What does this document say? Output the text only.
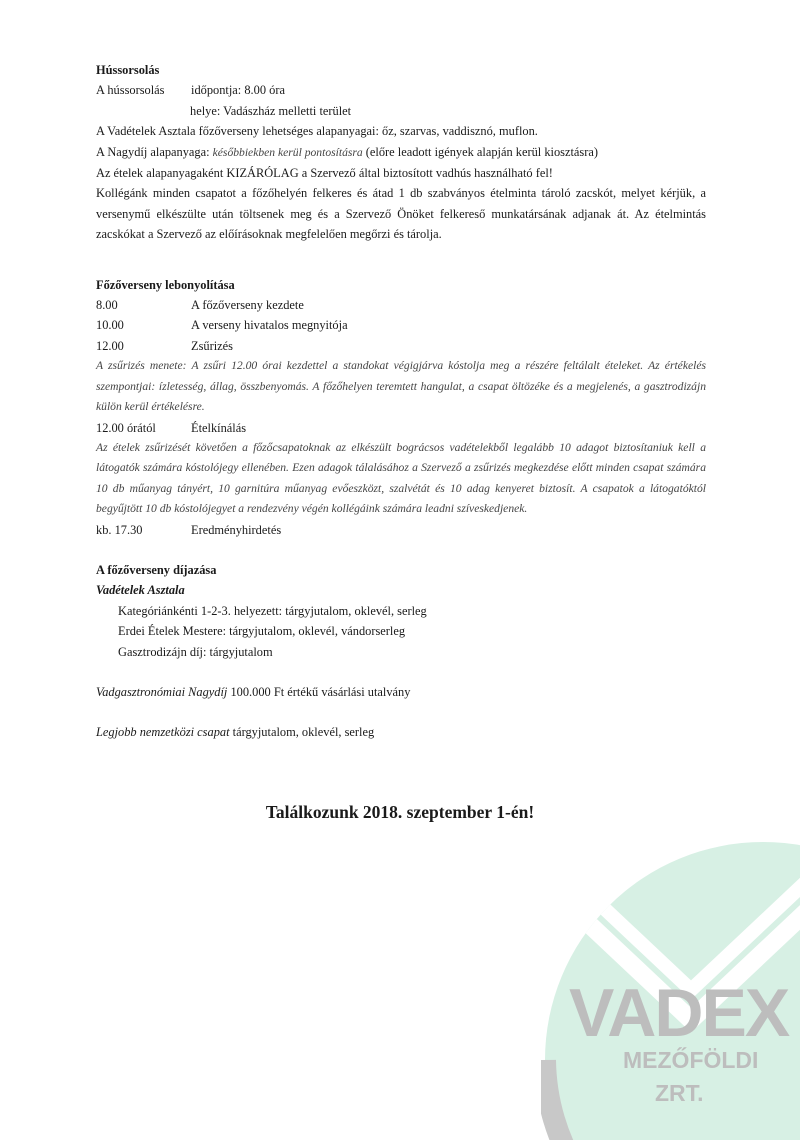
VADEX
MEZŐFÖLDI
ZRT.
Hússorsolás
A hússorsolás időpontja: 8.00 óra
helye: Vadászház melletti terület
A Vadételek Asztala főzőverseny lehetséges alapanyagai: őz, szarvas, vaddisznó, muflon.
A Nagydíj alapanyaga: későbbiekben kerül pontosításra (előre leadott igények alapján kerül kiosztásra)
Az ételek alapanyagaként KIZÁRÓLAG a Szervező által biztosított vadhús használható fel!
Kollégánk minden csapatot a főzőhelyén felkeres és átad 1 db szabványos ételminta tároló zacskót, melyet kérjük, a versenymű elkészülte után töltsenek meg és a Szervező Önöket felkereső munkatársának adjanak át. Az ételmintás zacskókat a Szervező az előírásoknak megfelelően megőrzi és tárolja.
Főzőverseny lebonyolítása
8.00	A főzőverseny kezdete
10.00	A verseny hivatalos megnyitója
12.00	Zsűrizés
A zsűrizés menete: A zsűri 12.00 órai kezdettel a standokat végigjárva kóstolja meg a részére feltálalt ételeket. Az értékelés szempontjai: ízletesség, állag, összbenyomás. A főzőhelyen teremtett hangulat, a csapat öltözéke és a megjelenés, a gasztrodizájn külön kerül értékelésre.
12.00 órától	Ételkínálás
Az ételek zsűrizését követően a főzőcsapatoknak az elkészült bográcsos vadételekből legalább 10 adagot biztosítaniuk kell a látogatók számára kóstolójegy ellenében. Ezen adagok tálalásához a Szervező a zsűrizés megkezdése előtt minden csapat számára 10 db műanyag tányért, 10 garnitúra műanyag evőeszközt, szalvétát és 10 adag kenyeret biztosít. A csapatok a látogatóktól begyűjtött 10 db kóstolójegyet a rendezvény végén kollégáink számára leadni szíveskedjenek.
kb. 17.30	Eredményhirdetés
A főzőverseny díjazása
Vadételek Asztala
Kategóriánkénti 1-2-3. helyezett: tárgyjutalom, oklevél, serleg
Erdei Ételek Mestere: tárgyjutalom, oklevél, vándorserleg
Gasztrodizájn díj: tárgyjutalom
Vadgasztronómiai Nagydíj 100.000 Ft értékű vásárlási utalvány
Legjobb nemzetközi csapat tárgyjutalom, oklevél, serleg
Találkozunk 2018. szeptember 1-én!
